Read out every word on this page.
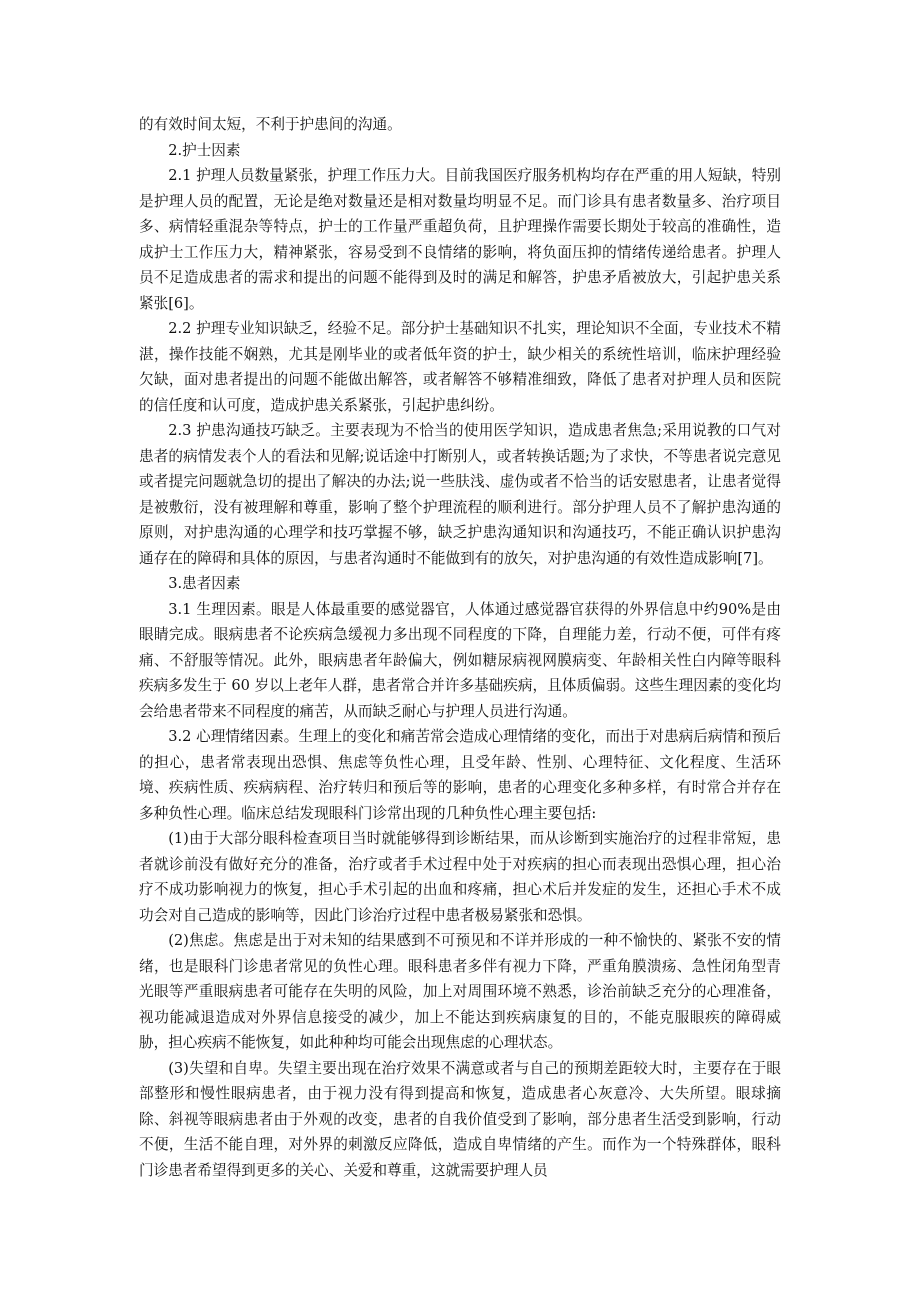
的有效时间太短，不利于护患间的沟通。

2.护士因素

2.1 护理人员数量紧张，护理工作压力大。目前我国医疗服务机构均存在严重的用人短缺，特别是护理人员的配置，无论是绝对数量还是相对数量均明显不足。而门诊具有患者数量多、治疗项目多、病情轻重混杂等特点，护士的工作量严重超负荷，且护理操作需要长期处于较高的准确性，造成护士工作压力大，精神紧张，容易受到不良情绪的影响，将负面压抑的情绪传递给患者。护理人员不足造成患者的需求和提出的问题不能得到及时的满足和解答，护患矛盾被放大，引起护患关系紧张[6]。

2.2 护理专业知识缺乏，经验不足。部分护士基础知识不扎实，理论知识不全面，专业技术不精湛，操作技能不娴熟，尤其是刚毕业的或者低年资的护士，缺少相关的系统性培训，临床护理经验欠缺，面对患者提出的问题不能做出解答，或者解答不够精准细致，降低了患者对护理人员和医院的信任度和认可度，造成护患关系紧张，引起护患纠纷。

2.3 护患沟通技巧缺乏。主要表现为不恰当的使用医学知识，造成患者焦急;采用说教的口气对患者的病情发表个人的看法和见解;说话途中打断别人，或者转换话题;为了求快，不等患者说完意见或者提完问题就急切的提出了解决的办法;说一些肤浅、虚伪或者不恰当的话安慰患者，让患者觉得是被敷衍，没有被理解和尊重，影响了整个护理流程的顺利进行。部分护理人员不了解护患沟通的原则，对护患沟通的心理学和技巧掌握不够，缺乏护患沟通知识和沟通技巧，不能正确认识护患沟通存在的障碍和具体的原因，与患者沟通时不能做到有的放矢，对护患沟通的有效性造成影响[7]。

3.患者因素

3.1 生理因素。眼是人体最重要的感觉器官，人体通过感觉器官获得的外界信息中约90%是由眼睛完成。眼病患者不论疾病急缓视力多出现不同程度的下降，自理能力差，行动不便，可伴有疼痛、不舒服等情况。此外，眼病患者年龄偏大，例如糖尿病视网膜病变、年龄相关性白内障等眼科疾病多发生于 60 岁以上老年人群，患者常合并许多基础疾病，且体质偏弱。这些生理因素的变化均会给患者带来不同程度的痛苦，从而缺乏耐心与护理人员进行沟通。

3.2 心理情绪因素。生理上的变化和痛苦常会造成心理情绪的变化，而出于对患病后病情和预后的担心，患者常表现出恐惧、焦虑等负性心理，且受年龄、性别、心理特征、文化程度、生活环境、疾病性质、疾病病程、治疗转归和预后等的影响，患者的心理变化多种多样，有时常合并存在多种负性心理。临床总结发现眼科门诊常出现的几种负性心理主要包括:

(1)由于大部分眼科检查项目当时就能够得到诊断结果，而从诊断到实施治疗的过程非常短，患者就诊前没有做好充分的准备，治疗或者手术过程中处于对疾病的担心而表现出恐惧心理，担心治疗不成功影响视力的恢复，担心手术引起的出血和疼痛，担心术后并发症的发生，还担心手术不成功会对自己造成的影响等，因此门诊治疗过程中患者极易紧张和恐惧。

(2)焦虑。焦虑是出于对未知的结果感到不可预见和不详并形成的一种不愉快的、紧张不安的情绪，也是眼科门诊患者常见的负性心理。眼科患者多伴有视力下降，严重角膜溃疡、急性闭角型青光眼等严重眼病患者可能存在失明的风险，加上对周围环境不熟悉，诊治前缺乏充分的心理准备，视功能减退造成对外界信息接受的减少，加上不能达到疾病康复的目的，不能克服眼疾的障碍威胁，担心疾病不能恢复，如此种种均可能会出现焦虑的心理状态。

(3)失望和自卑。失望主要出现在治疗效果不满意或者与自己的预期差距较大时，主要存在于眼部整形和慢性眼病患者，由于视力没有得到提高和恢复，造成患者心灰意冷、大失所望。眼球摘除、斜视等眼病患者由于外观的改变，患者的自我价值受到了影响，部分患者生活受到影响，行动不便，生活不能自理，对外界的刺激反应降低，造成自卑情绪的产生。而作为一个特殊群体，眼科门诊患者希望得到更多的关心、关爱和尊重，这就需要护理人员
